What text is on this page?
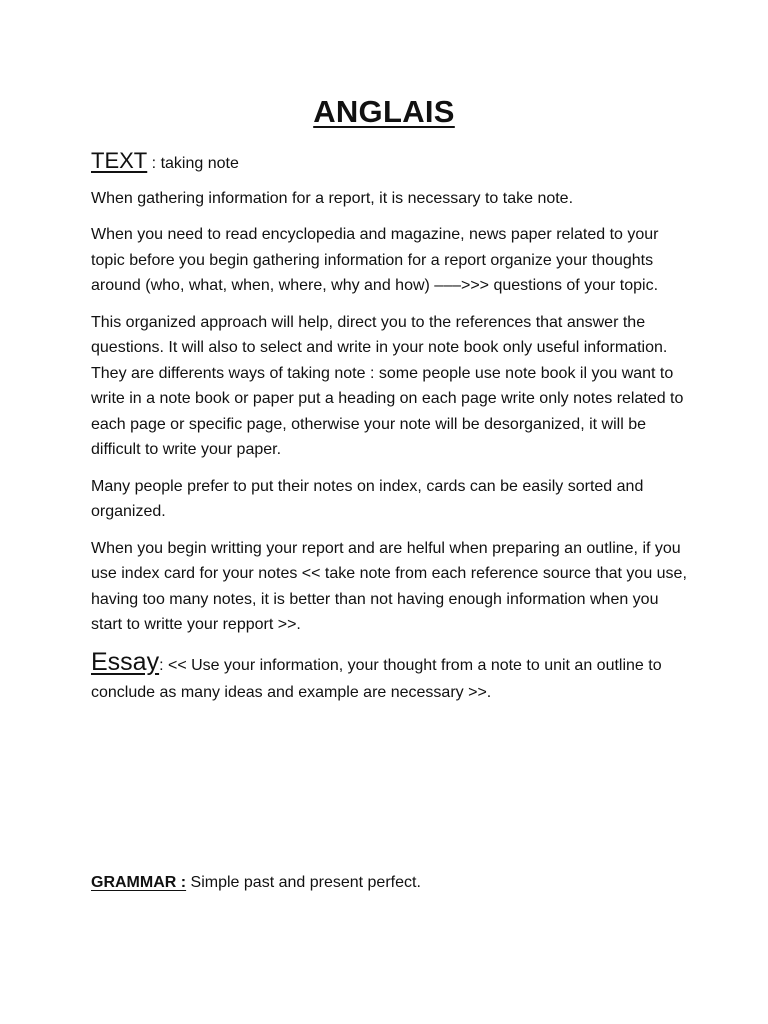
ANGLAIS
TEXT : taking note

When gathering information for a report, it is necessary to take note.

When you need to read encyclopedia and magazine, news paper related to your topic before you begin gathering information for a report organize your thoughts around (who, what, when, where, why and how) –––>>> questions of your topic.

This organized approach will help, direct you to the references that answer the questions. It will also to select and write in your note book only useful information. They are differents ways of taking note : some people use note book il you want to write in a note book or paper put a heading on each page write only notes related to each page or specific page, otherwise your note will be desorganized, it will be difficult to write your paper.

Many people prefer to put their notes on index, cards can be easily sorted and organized.

When you begin writting your report and are helful when preparing an outline, if you use index card for your notes << take note from each reference source that you use, having too many notes, it is better than not having enough information when you start to writte your repport >>.

Essay: << Use your information, your thought from a note to unit an outline to conclude as many ideas and example are necessary >>.

GRAMMAR : Simple past and present perfect.
